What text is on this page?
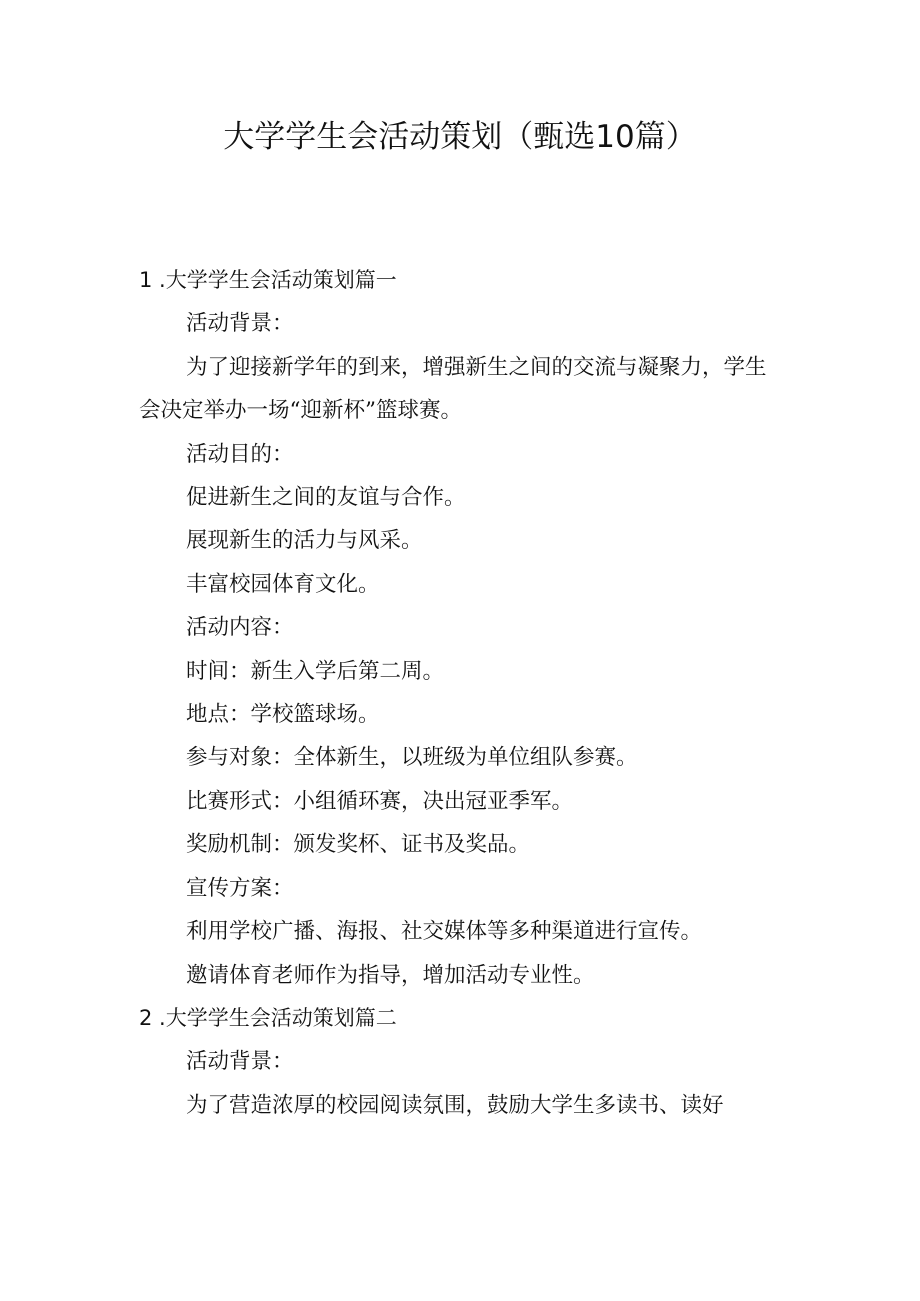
大学学生会活动策划（甄选10篇）

1 .大学学生会活动策划篇一

活动背景：

为了迎接新学年的到来，增强新生之间的交流与凝聚力，学生会决定举办一场“迎新杯”篮球赛。

活动目的：

促进新生之间的友谊与合作。

展现新生的活力与风采。

丰富校园体育文化。

活动内容：

时间：新生入学后第二周。

地点：学校篮球场。

参与对象：全体新生，以班级为单位组队参赛。

比赛形式：小组循环赛，决出冠亚季军。

奖励机制：颁发奖杯、证书及奖品。

宣传方案：

利用学校广播、海报、社交媒体等多种渠道进行宣传。

邀请体育老师作为指导，增加活动专业性。

2 .大学学生会活动策划篇二

活动背景：

为了营造浓厚的校园阅读氛围，鼓励大学生多读书、读好
